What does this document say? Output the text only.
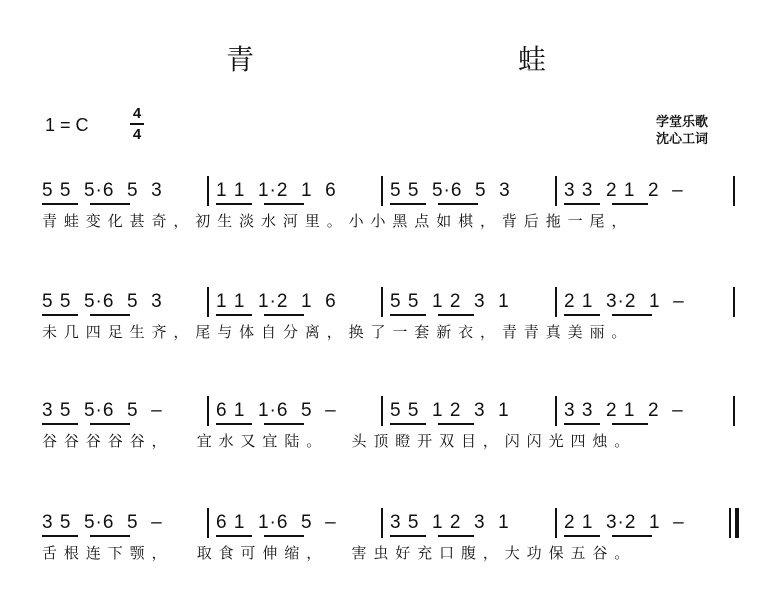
青　蛙
1 = C
4
4
学堂乐歌
沈心工词
5 5  5·6  5  3	1 1  1·2  1  6	5 5  5·6  5  3	3 3  2 1  2  –
青蛙变化甚奇，初生淡水河里。小小黑点如棋，背后拖一尾，
5 5  5·6  5  3	1 1  1·2  1  6	5 5  1 2  3  1	2 1  3·2  1  –
未几四足生齐，尾与体自分离，换了一套新衣，青青真美丽。
3 5  5·6  5  –	6 1  1·6  5  –	5 5  1 2  3  1	3 3  2 1  2  –
谷谷谷谷谷，  宜水又宜陆。  头顶瞪开双目，闪闪光四烛。
3 5  5·6  5  –	6 1  1·6  5  –	3 5  1 2  3  1	2 1  3·2  1  –
舌根连下颚，  取食可伸缩，  害虫好充口腹，大功保五谷。
